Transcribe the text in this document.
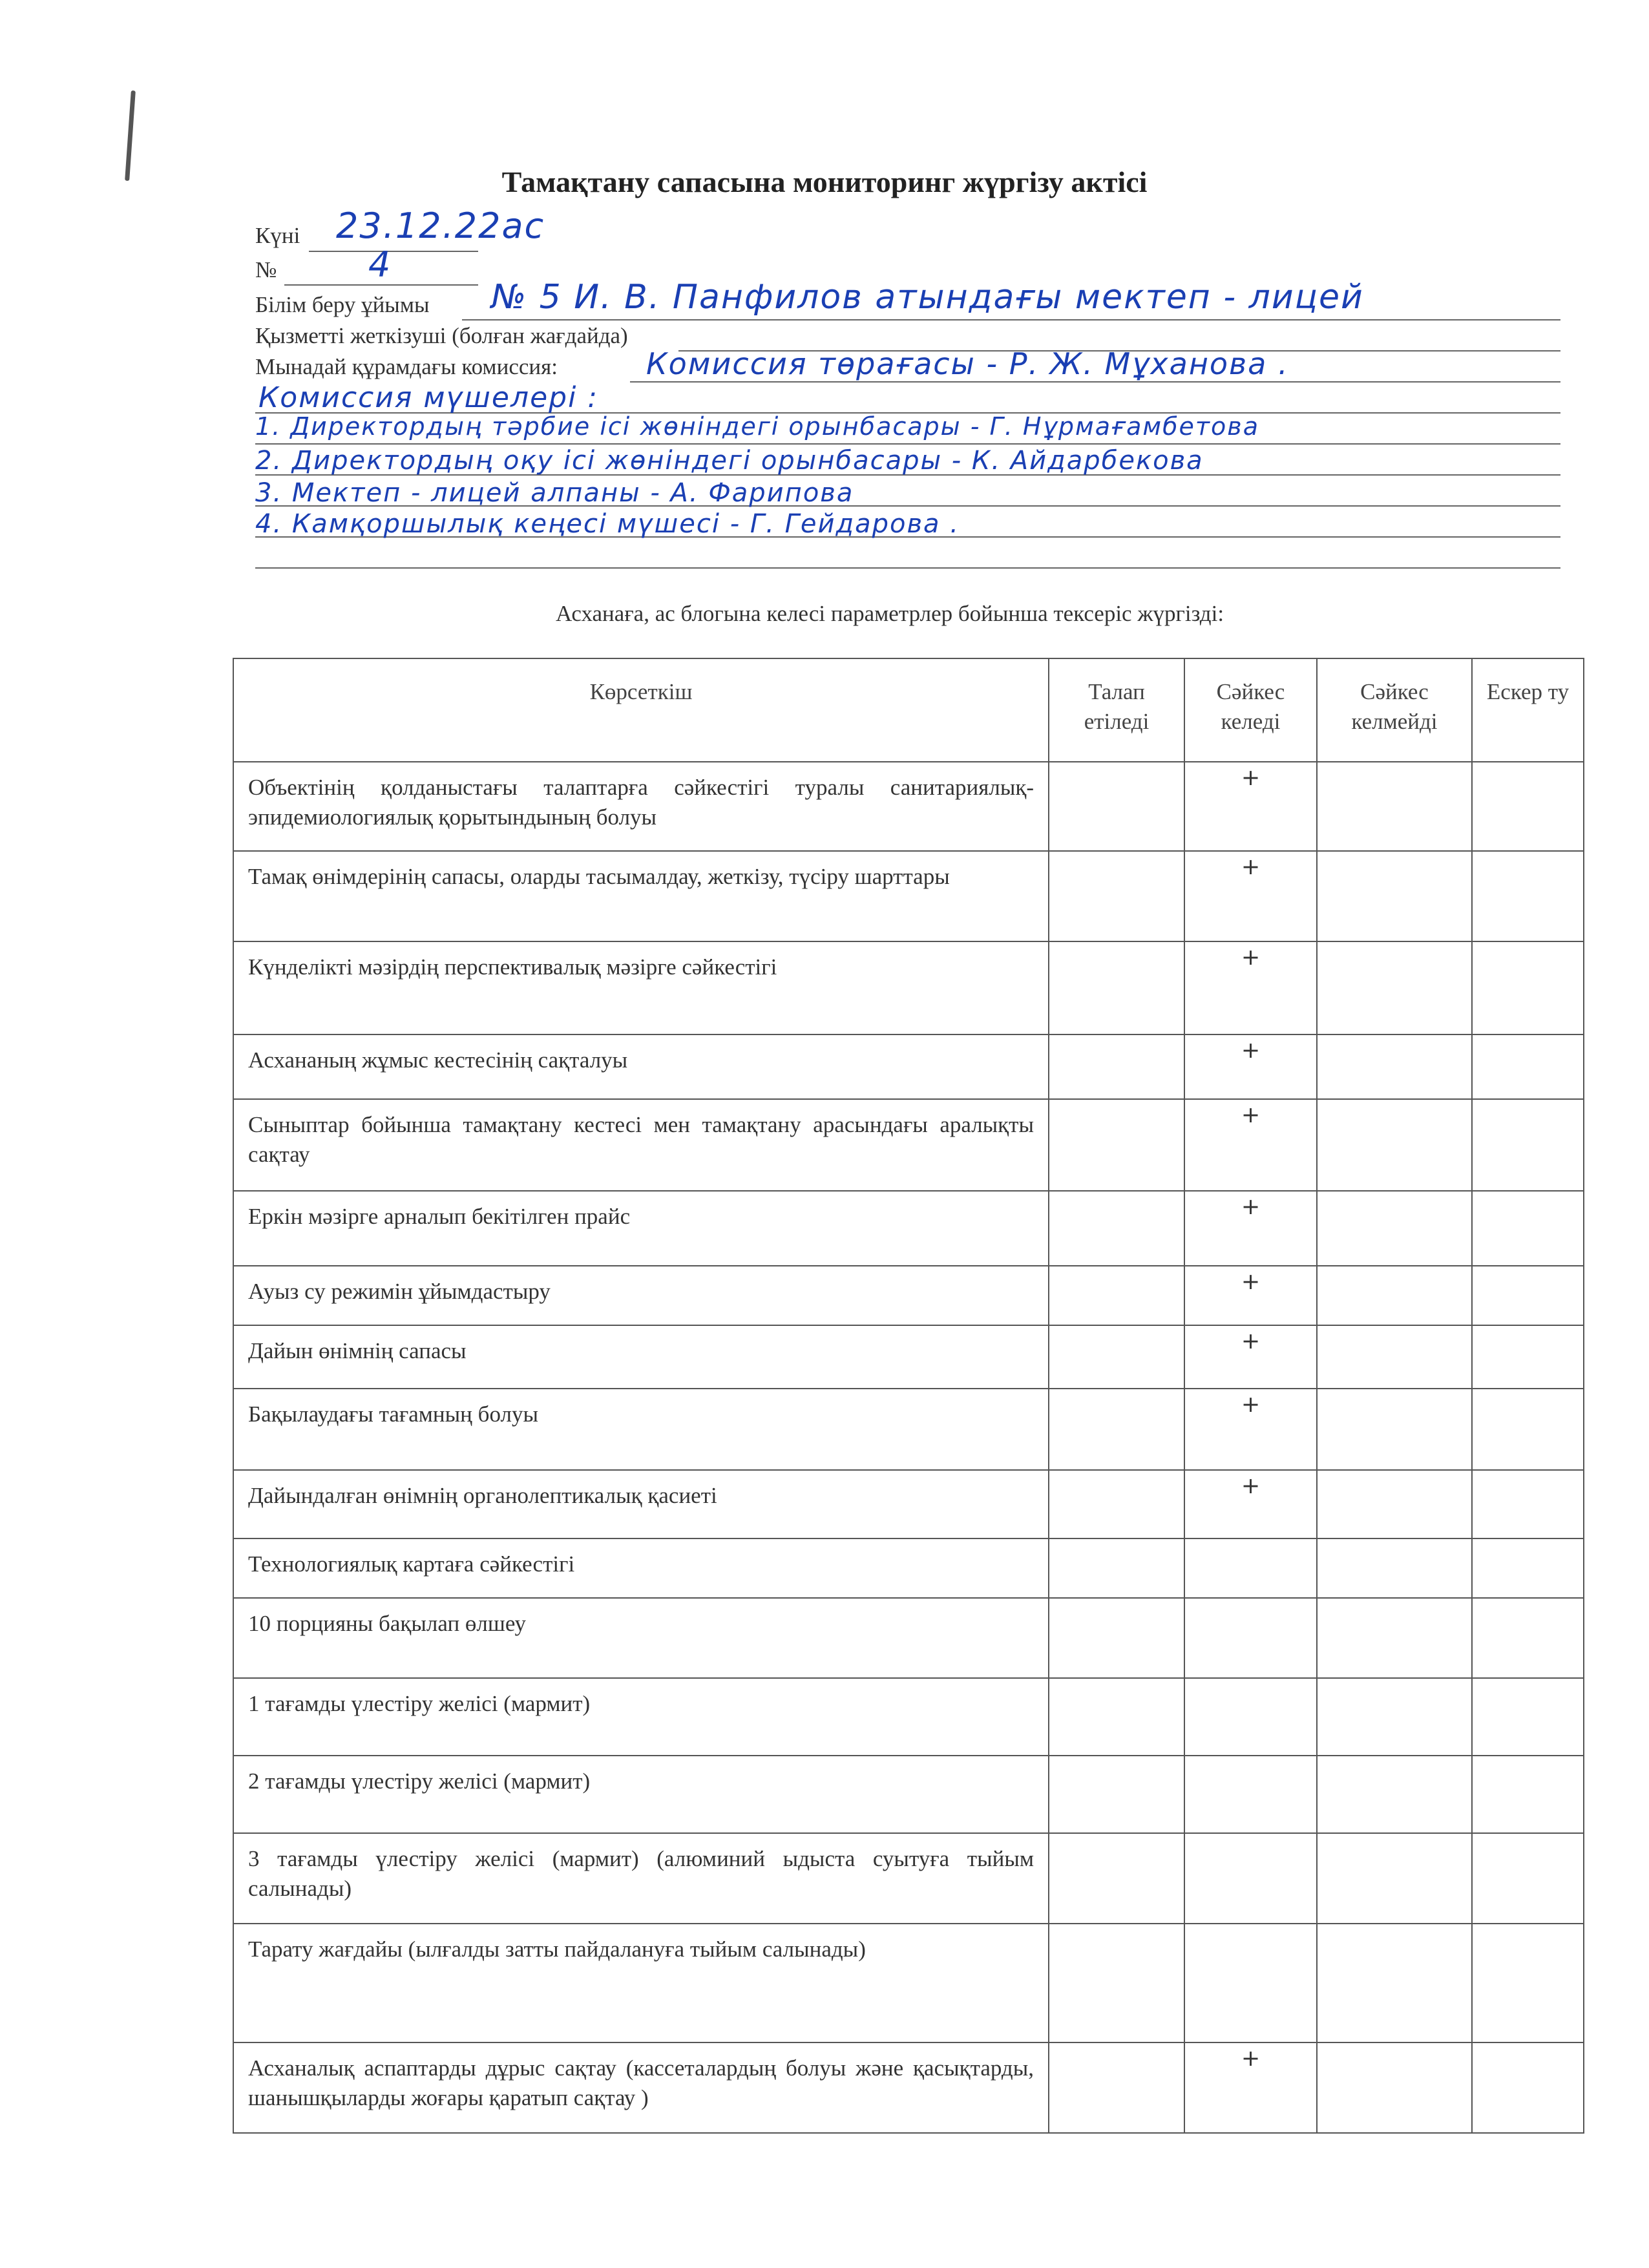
Тамақтану сапасына мониторинг жүргізу актісі
Күні 23.12.22ас
№	4
Білім беру ұйымы № 5 И. В. Панфилов атындағы мектеп - лицей
Қызметті жеткізуші (болған жағдайда)
Мынадай құрамдағы комиссия:	Комиссия төрағасы - Р. Ж. Мұханова .
Комиссия мүшелері :
1. Директордың тәрбие ісі жөніндегі орынбасары - Г. Нұрмағамбетова
2. Директордың оқу ісі жөніндегі орынбасары - К. Айдарбекова
3. Мектеп - лицей алпаны - А. Фарипова
4. Камқоршылық кеңесі мүшесі - Г. Гейдарова .
Асханаға, ас блогына келесі параметрлер бойынша тексеріс жүргізді:
Көрсеткіш	Талап етіледі	Сәйкес келеді	Сәйкес келмейді	Ескер ту
Объектінің қолданыстағы талаптарға сәйкестігі туралы санитариялық-эпидемиологиялық қорытындының болуы		+		
Тамақ өнімдерінің сапасы, оларды тасымалдау, жеткізу, түсіру шарттары		+		
Күнделікті мәзірдің перспективалық мәзірге сәйкестігі		+		
Асхананың жұмыс кестесінің сақталуы		+		
Сыныптар бойынша тамақтану кестесі мен тамақтану арасындағы аралықты сақтау		+		
Еркін мәзірге арналып бекітілген прайс		+		
Ауыз су режимін ұйымдастыру		+		
Дайын өнімнің сапасы		+		
Бақылаудағы тағамның болуы		+		
Дайындалған өнімнің органолептикалық қасиеті		+		
Технологиялық картаға сәйкестігі				
10 порцияны бақылап өлшеу				
1 тағамды үлестіру желісі (мармит)				
2 тағамды үлестіру желісі (мармит)				
3 тағамды үлестіру желісі (мармит) (алюминий ыдыста суытуға тыйым салынады)				
Тарату жағдайы (ылғалды затты пайдалануға тыйым салынады)				
Асханалық аспаптарды дұрыс сақтау (кассеталардың болуы және қасықтарды, шанышқыларды жоғары қаратып сақтау )		+		
